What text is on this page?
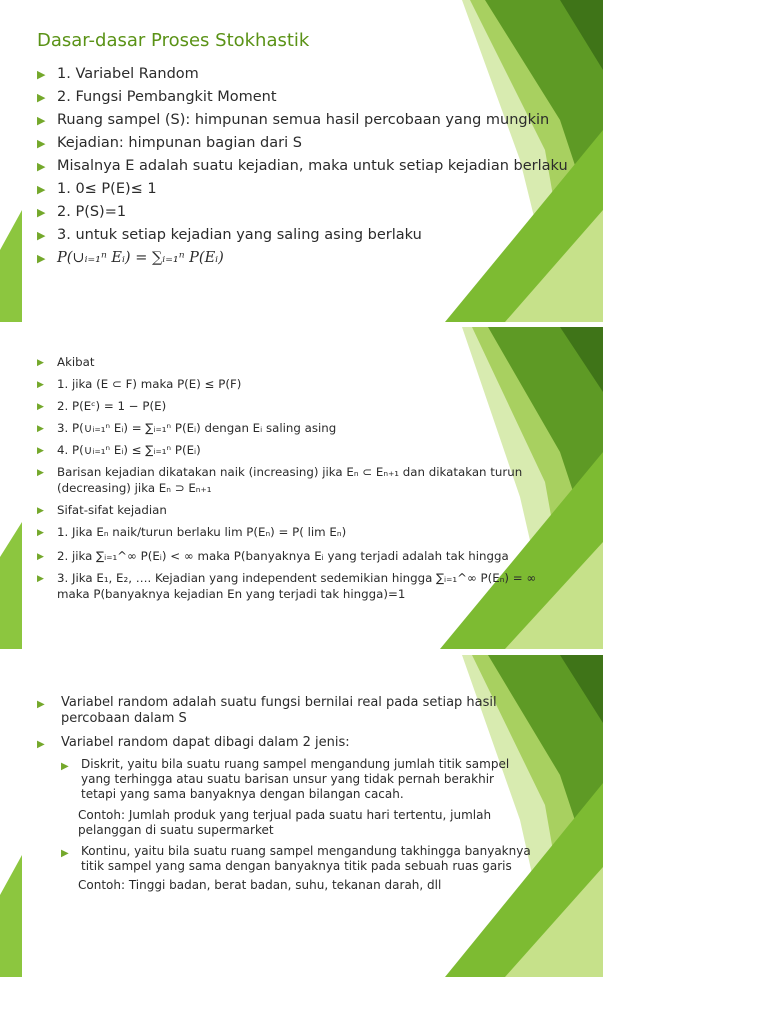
Dasar-dasar Proses Stokhastik
▶ 1. Variabel Random
▶ 2. Fungsi Pembangkit Moment
▶ Ruang sampel (S): himpunan semua hasil percobaan yang mungkin
▶ Kejadian: himpunan bagian dari S
▶ Misalnya E adalah suatu kejadian, maka untuk setiap kejadian berlaku
▶ 1. 0≤ P(E)≤ 1
▶ 2. P(S)=1
▶ 3. untuk setiap kejadian yang saling asing berlaku
▶ P(∪ᵢ₌₁ⁿ Eᵢ) = ∑ᵢ₌₁ⁿ P(Eᵢ)
▶ Akibat
▶ 1. jika (E ⊂ F) maka P(E) ≤ P(F)
▶ 2. P(Eᶜ) = 1 − P(E)
▶ 3. P(∪ᵢ₌₁ⁿ Eᵢ) = ∑ᵢ₌₁ⁿ P(Eᵢ) dengan Eᵢ saling asing
▶ 4. P(∪ᵢ₌₁ⁿ Eᵢ) ≤ ∑ᵢ₌₁ⁿ P(Eᵢ)
▶ Barisan kejadian dikatakan naik (increasing) jika Eₙ ⊂ Eₙ₊₁ dan dikatakan turun
(decreasing) jika Eₙ ⊃ Eₙ₊₁
▶ Sifat-sifat kejadian
▶ 1. Jika Eₙ naik/turun berlaku lim P(Eₙ) = P( lim Eₙ)
▶ 2. jika ∑ᵢ₌₁^∞ P(Eᵢ) < ∞ maka P(banyaknya Eᵢ yang terjadi adalah tak hingga
▶ 3. Jika E₁, E₂, …. Kejadian yang independent sedemikian hingga ∑ᵢ₌₁^∞ P(Eₙ) = ∞
maka P(banyaknya kejadian En yang terjadi tak hingga)=1
▶ Variabel random adalah suatu fungsi bernilai real pada setiap hasil
percobaan dalam S
▶ Variabel random dapat dibagi dalam 2 jenis:
▶ Diskrit, yaitu bila suatu ruang sampel mengandung jumlah titik sampel
yang terhingga atau suatu barisan unsur yang tidak pernah berakhir
tetapi yang sama banyaknya dengan bilangan cacah.
Contoh: Jumlah produk yang terjual pada suatu hari tertentu, jumlah
pelanggan di suatu supermarket
▶ Kontinu, yaitu bila suatu ruang sampel mengandung takhingga banyaknya
titik sampel yang sama dengan banyaknya titik pada sebuah ruas garis
Contoh: Tinggi badan, berat badan, suhu, tekanan darah, dll
